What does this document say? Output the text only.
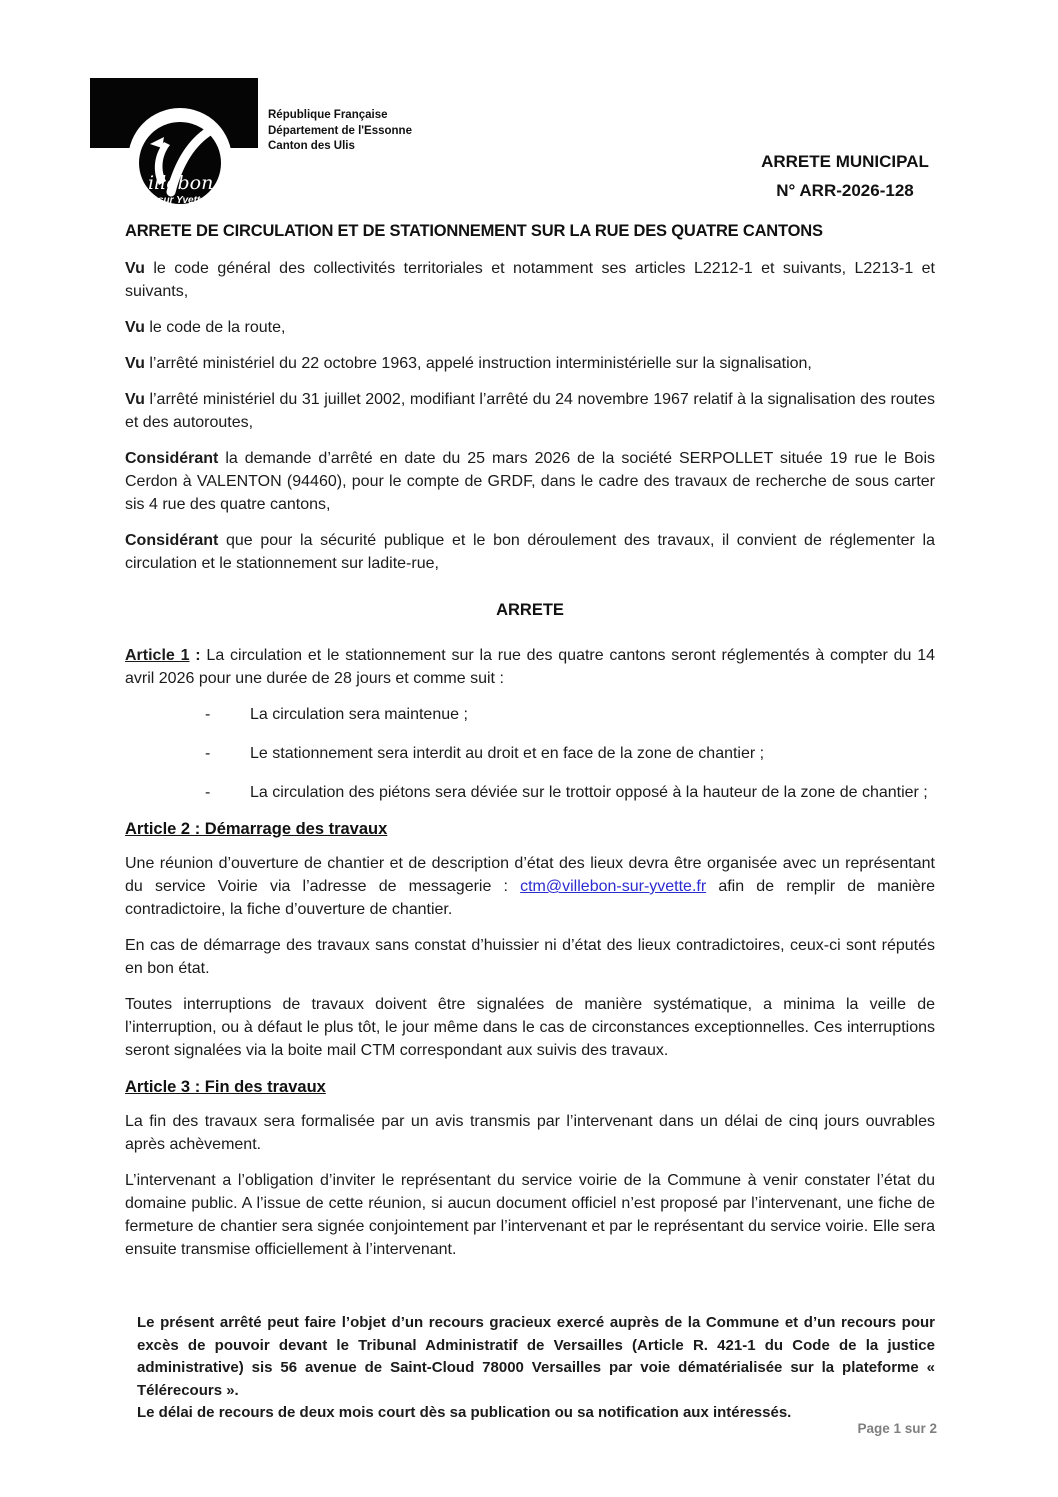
illebon
sur Yvette
République Française
Département de l'Essonne
Canton des Ulis
ARRETE MUNICIPAL
N° ARR-2026-128
ARRETE DE CIRCULATION ET DE STATIONNEMENT SUR LA RUE DES QUATRE CANTONS

Vu le code général des collectivités territoriales et notamment ses articles L2212-1 et suivants, L2213-1 et suivants,

Vu le code de la route,

Vu l’arrêté ministériel du 22 octobre 1963, appelé instruction interministérielle sur la signalisation,

Vu l’arrêté ministériel du 31 juillet 2002, modifiant l’arrêté du 24 novembre 1967 relatif à la signalisation des routes et des autoroutes,

Considérant la demande d’arrêté en date du 25 mars 2026 de la société SERPOLLET située 19 rue le Bois Cerdon à VALENTON (94460), pour le compte de GRDF, dans le cadre des travaux de recherche de sous carter sis 4 rue des quatre cantons,

Considérant que pour la sécurité publique et le bon déroulement des travaux, il convient de réglementer la circulation et le stationnement sur ladite-rue,

ARRETE

Article 1 : La circulation et le stationnement sur la rue des quatre cantons seront réglementés à compter du 14 avril 2026 pour une durée de 28 jours et comme suit :

-	La circulation sera maintenue ;
-	Le stationnement sera interdit au droit et en face de la zone de chantier ;
-	La circulation des piétons sera déviée sur le trottoir opposé à la hauteur de la zone de chantier ;
Article 2 : Démarrage des travaux

Une réunion d’ouverture de chantier et de description d’état des lieux devra être organisée avec un représentant du service Voirie via l’adresse de messagerie : ctm@villebon-sur-yvette.fr afin de remplir de manière contradictoire, la fiche d’ouverture de chantier.

En cas de démarrage des travaux sans constat d’huissier ni d’état des lieux contradictoires, ceux-ci sont réputés en bon état.

Toutes interruptions de travaux doivent être signalées de manière systématique, a minima la veille de l’interruption, ou à défaut le plus tôt, le jour même dans le cas de circonstances exceptionnelles. Ces interruptions seront signalées via la boite mail CTM correspondant aux suivis des travaux.

Article 3 : Fin des travaux

La fin des travaux sera formalisée par un avis transmis par l’intervenant dans un délai de cinq jours ouvrables après achèvement.

L’intervenant a l’obligation d’inviter le représentant du service voirie de la Commune à venir constater l’état du domaine public. A l’issue de cette réunion, si aucun document officiel n’est proposé par l’intervenant, une fiche de fermeture de chantier sera signée conjointement par l’intervenant et par le représentant du service voirie. Elle sera ensuite transmise officiellement à l’intervenant.

Le présent arrêté peut faire l’objet d’un recours gracieux exercé auprès de la Commune et d’un recours pour excès de pouvoir devant le Tribunal Administratif de Versailles (Article R. 421-1 du Code de la justice administrative) sis 56 avenue de Saint-Cloud 78000 Versailles par voie dématérialisée sur la plateforme « Télérecours ».

Le délai de recours de deux mois court dès sa publication ou sa notification aux intéressés.

Page 1 sur 2
